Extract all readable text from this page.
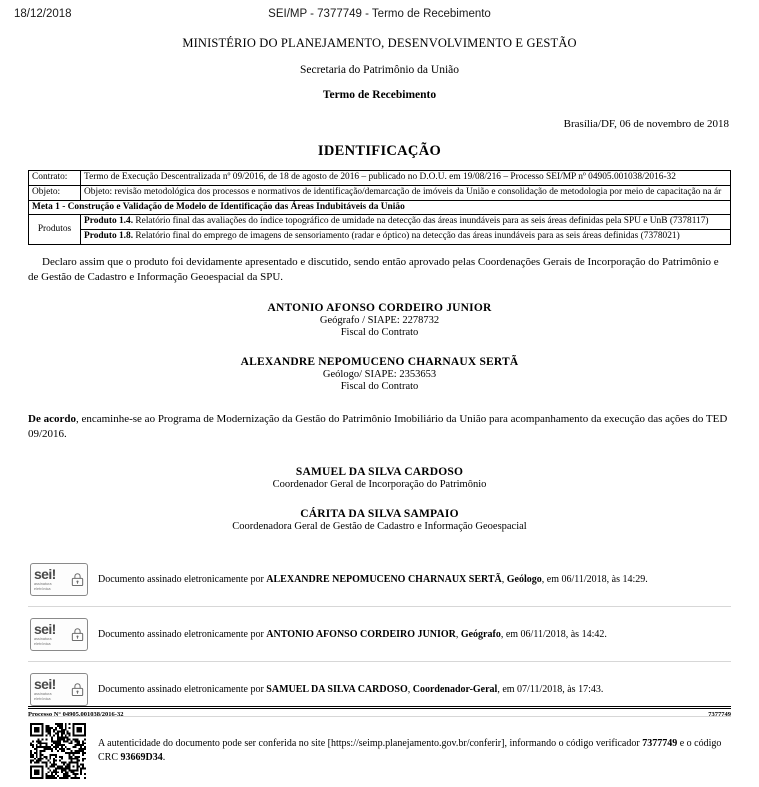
18/12/2018	SEI/MP - 7377749 - Termo de Recebimento
MINISTÉRIO DO PLANEJAMENTO, DESENVOLVIMENTO E GESTÃO
Secretaria do Patrimônio da União
Termo de Recebimento
Brasília/DF, 06 de novembro de 2018
IDENTIFICAÇÃO
Contrato:	Termo de Execução Descentralizada nº 09/2016, de 18 de agosto de 2016 – publicado no D.O.U. em 19/08/216 – Processo SEI/MP nº 04905.001038/2016-32
Objeto:	Objeto: revisão metodológica dos processos e normativos de identificação/demarcação de imóveis da União e consolidação de metodologia por meio de capacitação na ár
Meta 1 - Construção e Validação de Modelo de Identificação das Áreas Indubitáveis da União	
Produtos	Produto 1.4. Relatório final das avaliações do índice topográfico de umidade na detecção das áreas inundáveis para as seis áreas definidas pela SPU e UnB (7378117)
	Produto 1.8. Relatório final do emprego de imagens de sensoriamento (radar e óptico) na detecção das áreas inundáveis para as seis áreas definidas (7378021)
Declaro assim que o produto foi devidamente apresentado e discutido, sendo então aprovado pelas Coordenações Gerais de Incorporação do Patrimônio e de Gestão de Cadastro e Informação Geoespacial da SPU.
ANTONIO AFONSO CORDEIRO JUNIOR
Geógrafo / SIAPE: 2278732
Fiscal do Contrato
ALEXANDRE NEPOMUCENO CHARNAUX SERTÃ
Geólogo/ SIAPE: 2353653
Fiscal do Contrato
De acordo, encaminhe-se ao Programa de Modernização da Gestão do Patrimônio Imobiliário da União para acompanhamento da execução das ações do TED 09/2016.
SAMUEL DA SILVA CARDOSO
Coordenador Geral de Incorporação do Patrimônio
CÁRITA DA SILVA SAMPAIO
Coordenadora Geral de Gestão de Cadastro e Informação Geoespacial
sei!
assinatura
eletrônica
Documento assinado eletronicamente por ALEXANDRE NEPOMUCENO CHARNAUX SERTÃ, Geólogo, em 06/11/2018, às 14:29.
sei!
assinatura
eletrônica
Documento assinado eletronicamente por ANTONIO AFONSO CORDEIRO JUNIOR, Geógrafo, em 06/11/2018, às 14:42.
sei!
assinatura
eletrônica
Documento assinado eletronicamente por SAMUEL DA SILVA CARDOSO, Coordenador-Geral, em 07/11/2018, às 17:43.
A autenticidade do documento pode ser conferida no site [https://seimp.planejamento.gov.br/conferir], informando o código verificador 7377749 e o código CRC 93669D34.
Processo N° 04905.001038/2016-32	7377749
